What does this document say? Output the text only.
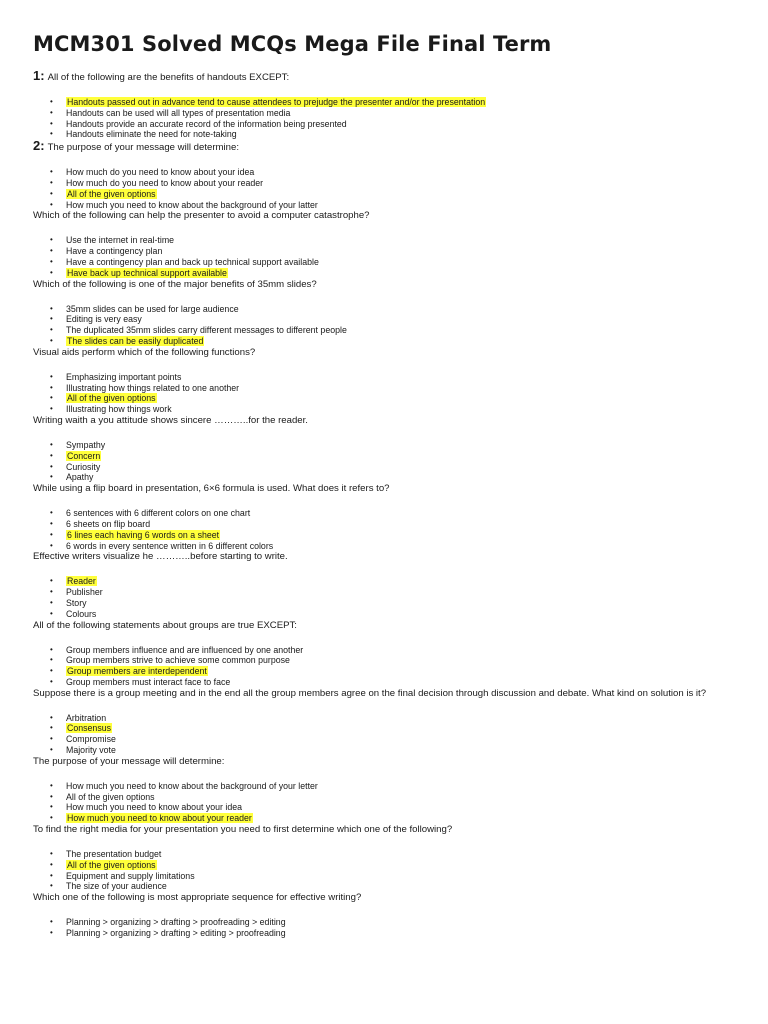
MCM301 Solved MCQs Mega File Final Term

1: All of the following are the benefits of handouts EXCEPT:

• Handouts passed out in advance tend to cause attendees to prejudge the presenter and/or the presentation
• Handouts can be used will all types of presentation media
• Handouts provide an accurate record of the information being presented
• Handouts eliminate the need for note-taking

2: The purpose of your message will determine:

• How much do you need to know about your idea
• How much do you need to know about your reader
• All of the given options
• How much you need to know about the background of your latter

Which of the following can help the presenter to avoid a computer catastrophe?

• Use the internet in real-time
• Have a contingency plan
• Have a contingency plan and back up technical support available
• Have back up technical support available

Which of the following is one of the major benefits of 35mm slides?

• 35mm slides can be used for large audience
• Editing is very easy
• The duplicated 35mm slides carry different messages to different people
• The slides can be easily duplicated

Visual aids perform which of the following functions?

• Emphasizing important points
• Illustrating how things related to one another
• All of the given options
• Illustrating how things work

Writing waith a you attitude shows sincere ………..for the reader.

• Sympathy
• Concern
• Curiosity
• Apathy

While using a flip board in presentation, 6×6 formula is used. What does it refers to?

• 6 sentences with 6 different colors on one chart
• 6 sheets on flip board
• 6 lines each having 6 words on a sheet
• 6 words in every sentence written in 6 different colors

Effective writers visualize he ………..before starting to write.

• Reader
• Publisher
• Story
• Colours

All of the following statements about groups are true EXCEPT:

• Group members influence and are influenced by one another
• Group members strive to achieve some common purpose
• Group members are interdependent
• Group members must interact face to face

Suppose there is a group meeting and in the end all the group members agree on the final decision through discussion and debate. What kind on solution is it?

• Arbitration
• Consensus
• Compromise
• Majority vote

The purpose of your message will determine:

• How much you need to know about the background of your letter
• All of the given options
• How much you need to know about your idea
• How much you need to know about your reader

To find the right media for your presentation you need to first determine which one of the following?

• The presentation budget
• All of the given options
• Equipment and supply limitations
• The size of your audience

Which one of the following is most appropriate sequence for effective writing?

• Planning > organizing > drafting > proofreading > editing
• Planning > organizing > drafting > editing > proofreading
